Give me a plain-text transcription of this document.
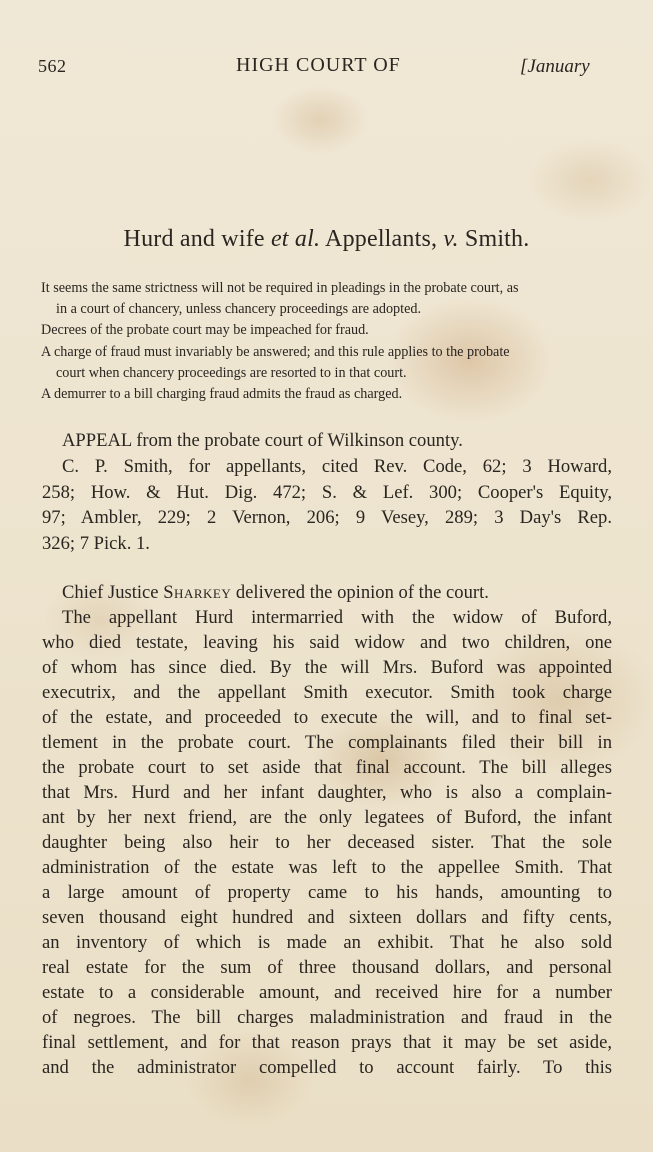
562	HIGH COURT OF	[January
Hurd and wife et al. Appellants, v. Smith.
It seems the same strictness will not be required in pleadings in the probate court, as
in a court of chancery, unless chancery proceedings are adopted.
Decrees of the probate court may be impeached for fraud.
A charge of fraud must invariably be answered; and this rule applies to the probate
court when chancery proceedings are resorted to in that court.
A demurrer to a bill charging fraud admits the fraud as charged.
APPEAL from the probate court of Wilkinson county.
C. P. Smith, for appellants, cited Rev. Code, 62; 3 Howard,
258; How. & Hut. Dig. 472; S. & Lef. 300; Cooper's Equity,
97; Ambler, 229; 2 Vernon, 206; 9 Vesey, 289; 3 Day's Rep.
326; 7 Pick. 1.
Chief Justice Sharkey delivered the opinion of the court.
The appellant Hurd intermarried with the widow of Buford,
who died testate, leaving his said widow and two children, one
of whom has since died. By the will Mrs. Buford was appointed
executrix, and the appellant Smith executor. Smith took charge
of the estate, and proceeded to execute the will, and to final set-
tlement in the probate court. The complainants filed their bill in
the probate court to set aside that final account. The bill alleges
that Mrs. Hurd and her infant daughter, who is also a complain-
ant by her next friend, are the only legatees of Buford, the infant
daughter being also heir to her deceased sister. That the sole
administration of the estate was left to the appellee Smith. That
a large amount of property came to his hands, amounting to
seven thousand eight hundred and sixteen dollars and fifty cents,
an inventory of which is made an exhibit. That he also sold
real estate for the sum of three thousand dollars, and personal
estate to a considerable amount, and received hire for a number
of negroes. The bill charges maladministration and fraud in the
final settlement, and for that reason prays that it may be set aside,
and the administrator compelled to account fairly. To this
